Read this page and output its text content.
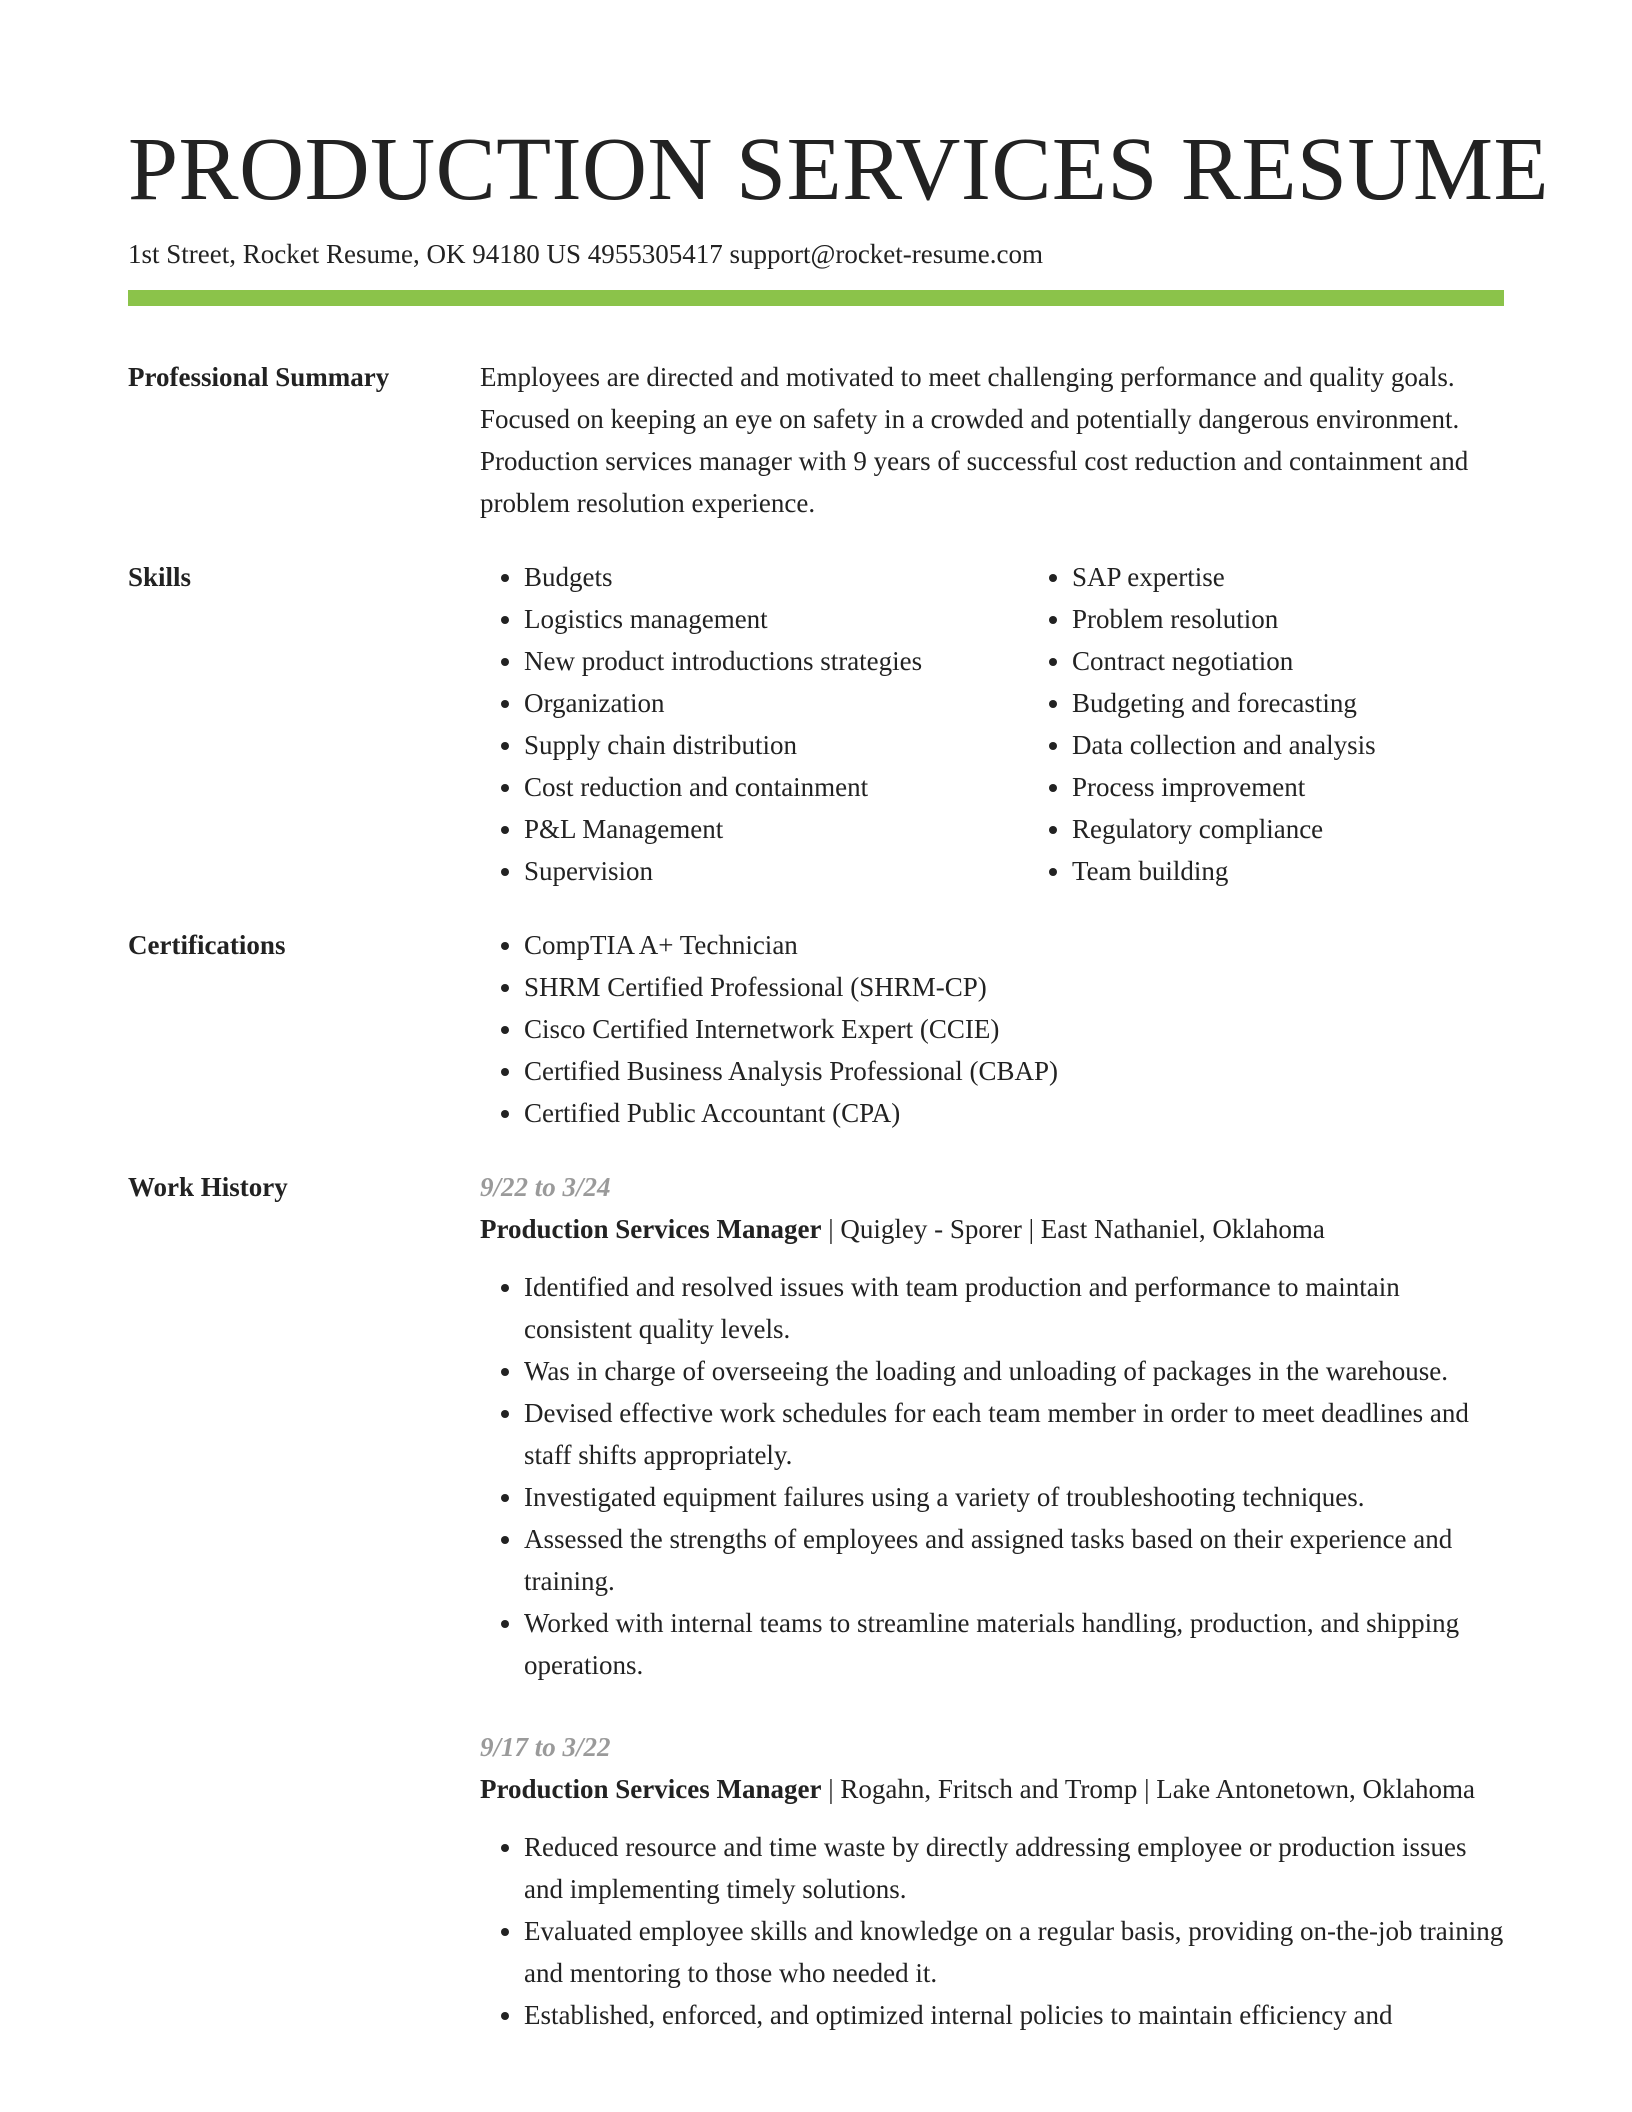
PRODUCTION SERVICES RESUME
1st Street, Rocket Resume, OK 94180 US 4955305417 support@rocket-resume.com
Professional Summary	Employees are directed and motivated to meet challenging performance and quality goals. Focused on keeping an eye on safety in a crowded and potentially dangerous environment. Production services manager with 9 years of successful cost reduction and containment and problem resolution experience.
Skills	• Budgets
• Logistics management
• New product introductions strategies
• Organization
• Supply chain distribution
• Cost reduction and containment
• P&L Management
• Supervision
• SAP expertise
• Problem resolution
• Contract negotiation
• Budgeting and forecasting
• Data collection and analysis
• Process improvement
• Regulatory compliance
• Team building
Certifications	• CompTIA A+ Technician
• SHRM Certified Professional (SHRM-CP)
• Cisco Certified Internetwork Expert (CCIE)
• Certified Business Analysis Professional (CBAP)
• Certified Public Accountant (CPA)
Work History	9/22 to 3/24
Production Services Manager | Quigley - Sporer | East Nathaniel, Oklahoma
• Identified and resolved issues with team production and performance to maintain consistent quality levels.
• Was in charge of overseeing the loading and unloading of packages in the warehouse.
• Devised effective work schedules for each team member in order to meet deadlines and staff shifts appropriately.
• Investigated equipment failures using a variety of troubleshooting techniques.
• Assessed the strengths of employees and assigned tasks based on their experience and training.
• Worked with internal teams to streamline materials handling, production, and shipping operations.
9/17 to 3/22
Production Services Manager | Rogahn, Fritsch and Tromp | Lake Antonetown, Oklahoma
• Reduced resource and time waste by directly addressing employee or production issues and implementing timely solutions.
• Evaluated employee skills and knowledge on a regular basis, providing on-the-job training and mentoring to those who needed it.
• Established, enforced, and optimized internal policies to maintain efficiency and
